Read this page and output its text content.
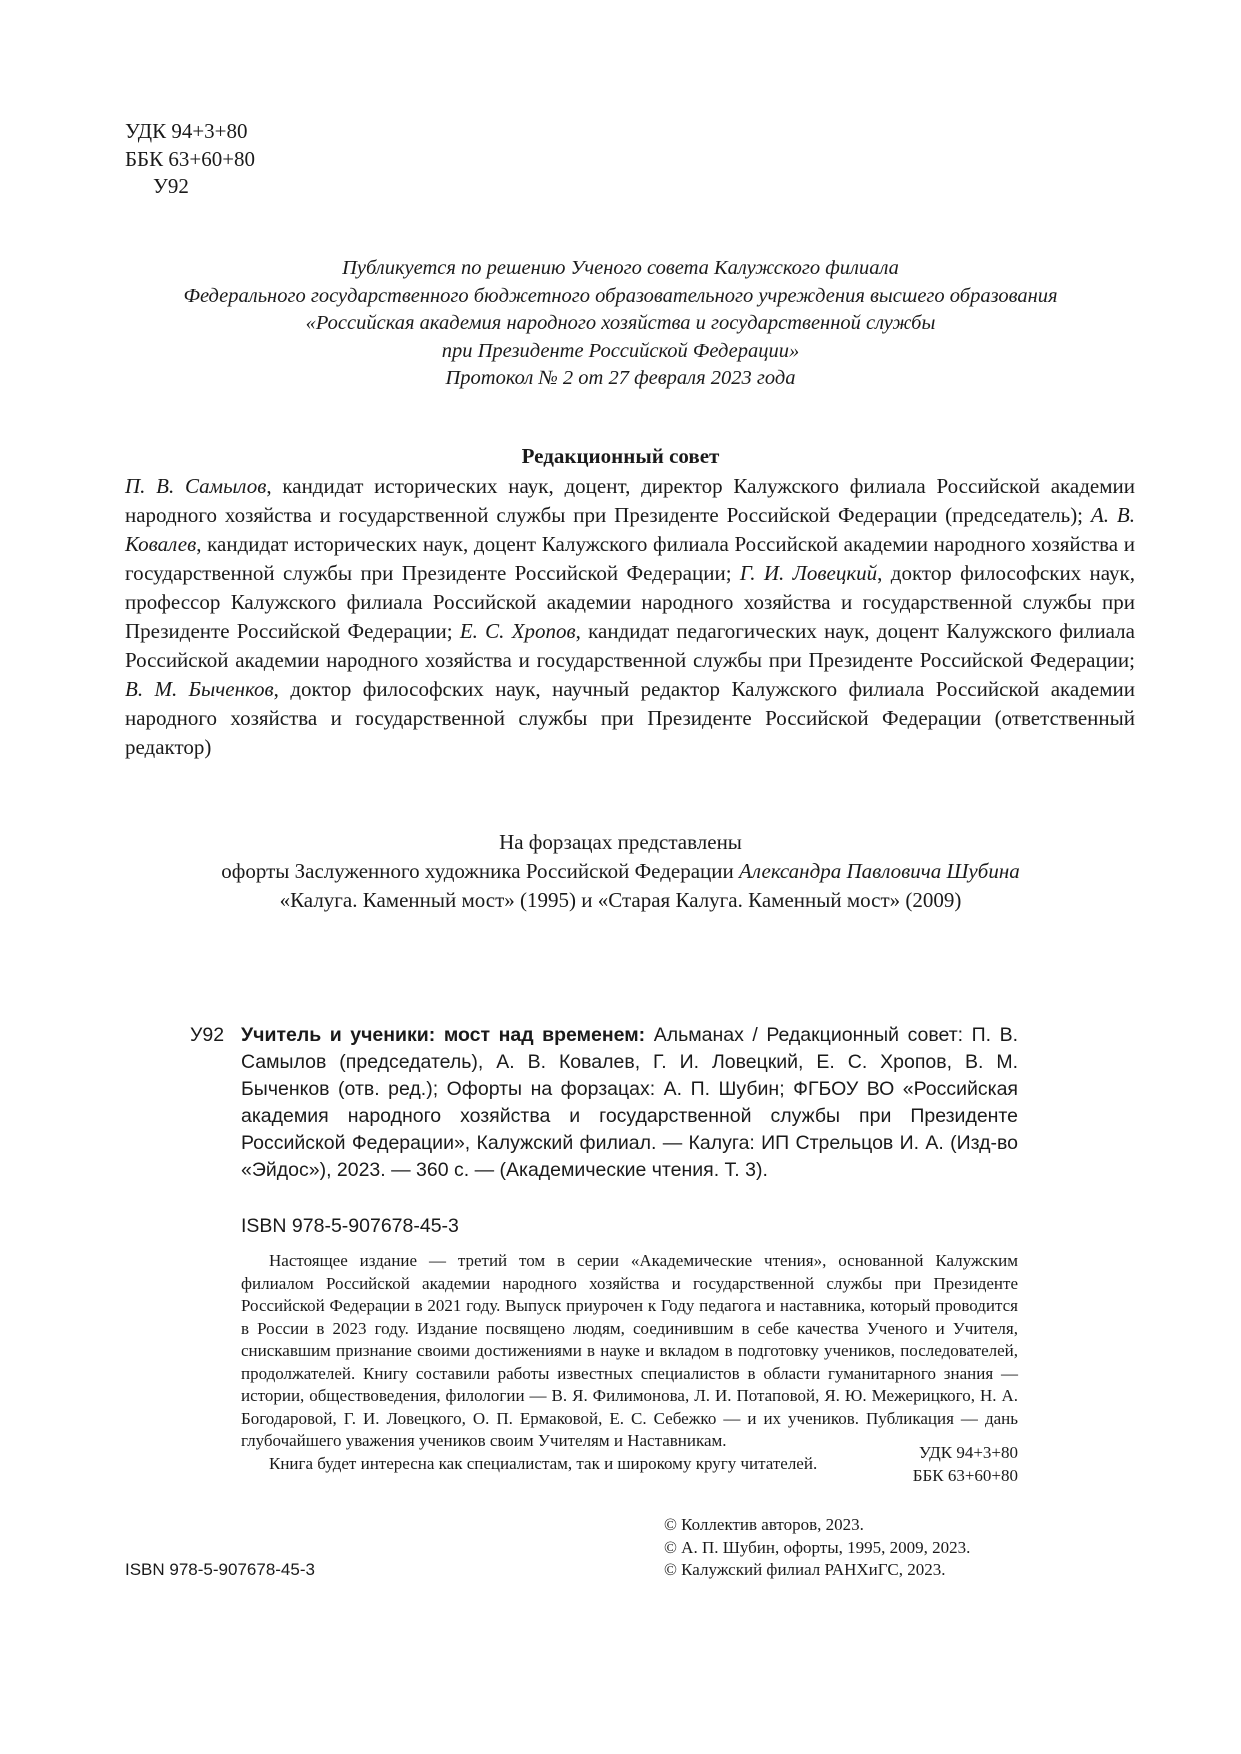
УДК 94+3+80
ББК 63+60+80
У92
Публикуется по решению Ученого совета Калужского филиала
Федерального государственного бюджетного образовательного учреждения высшего образования
«Российская академия народного хозяйства и государственной службы
при Президенте Российской Федерации»
Протокол № 2 от 27 февраля 2023 года
Редакционный совет
П. В. Самылов, кандидат исторических наук, доцент, директор Калужского филиала Российской академии народного хозяйства и государственной службы при Президенте Российской Федерации (председатель); А. В. Ковалев, кандидат исторических наук, доцент Калужского филиала Российской академии народного хозяйства и государственной службы при Президенте Российской Федерации; Г. И. Ловецкий, доктор философских наук, профессор Калужского филиала Российской академии народного хозяйства и государственной службы при Президенте Российской Федерации; Е. С. Хропов, кандидат педагогических наук, доцент Калужского филиала Российской академии народного хозяйства и государственной службы при Президенте Российской Федерации; В. М. Быченков, доктор философских наук, научный редактор Калужского филиала Российской академии народного хозяйства и государственной службы при Президенте Российской Федерации (ответственный редактор)
На форзацах представлены
офорты Заслуженного художника Российской Федерации Александра Павловича Шубина
«Калуга. Каменный мост» (1995) и «Старая Калуга. Каменный мост» (2009)
У92 Учитель и ученики: мост над временем: Альманах / Редакционный совет: П. В. Самылов (председатель), А. В. Ковалев, Г. И. Ловецкий, Е. С. Хропов, В. М. Быченков (отв. ред.); Офорты на форзацах: А. П. Шубин; ФГБОУ ВО «Российская академия народного хозяйства и государственной службы при Президенте Российской Федерации», Калужский филиал. — Калуга: ИП Стрельцов И. А. (Изд-во «Эйдос»), 2023. — 360 с. — (Академические чтения. Т. 3).
ISBN 978-5-907678-45-3

Настоящее издание — третий том в серии «Академические чтения», основанной Калужским филиалом Российской академии народного хозяйства и государственной службы при Президенте Российской Федерации в 2021 году. Выпуск приурочен к Году педагога и наставника, который проводится в России в 2023 году. Издание посвящено людям, соединившим в себе качества Ученого и Учителя, снискавшим признание своими достижениями в науке и вкладом в подготовку учеников, последователей, продолжателей. Книгу составили работы известных специалистов в области гуманитарного знания — истории, обществоведения, филологии — В. Я. Филимонова, Л. И. Потаповой, Я. Ю. Межерицкого, Н. А. Богодаровой, Г. И. Ловецкого, О. П. Ермаковой, Е. С. Себежко — и их учеников. Публикация — дань глубочайшего уважения учеников своим Учителям и Наставникам.

Книга будет интересна как специалистам, так и широкому кругу читателей.

УДК 94+3+80
ББК 63+60+80
© Коллектив авторов, 2023.
© А. П. Шубин, офорты, 1995, 2009, 2023.
© Калужский филиал РАНХиГС, 2023.
ISBN 978-5-907678-45-3
